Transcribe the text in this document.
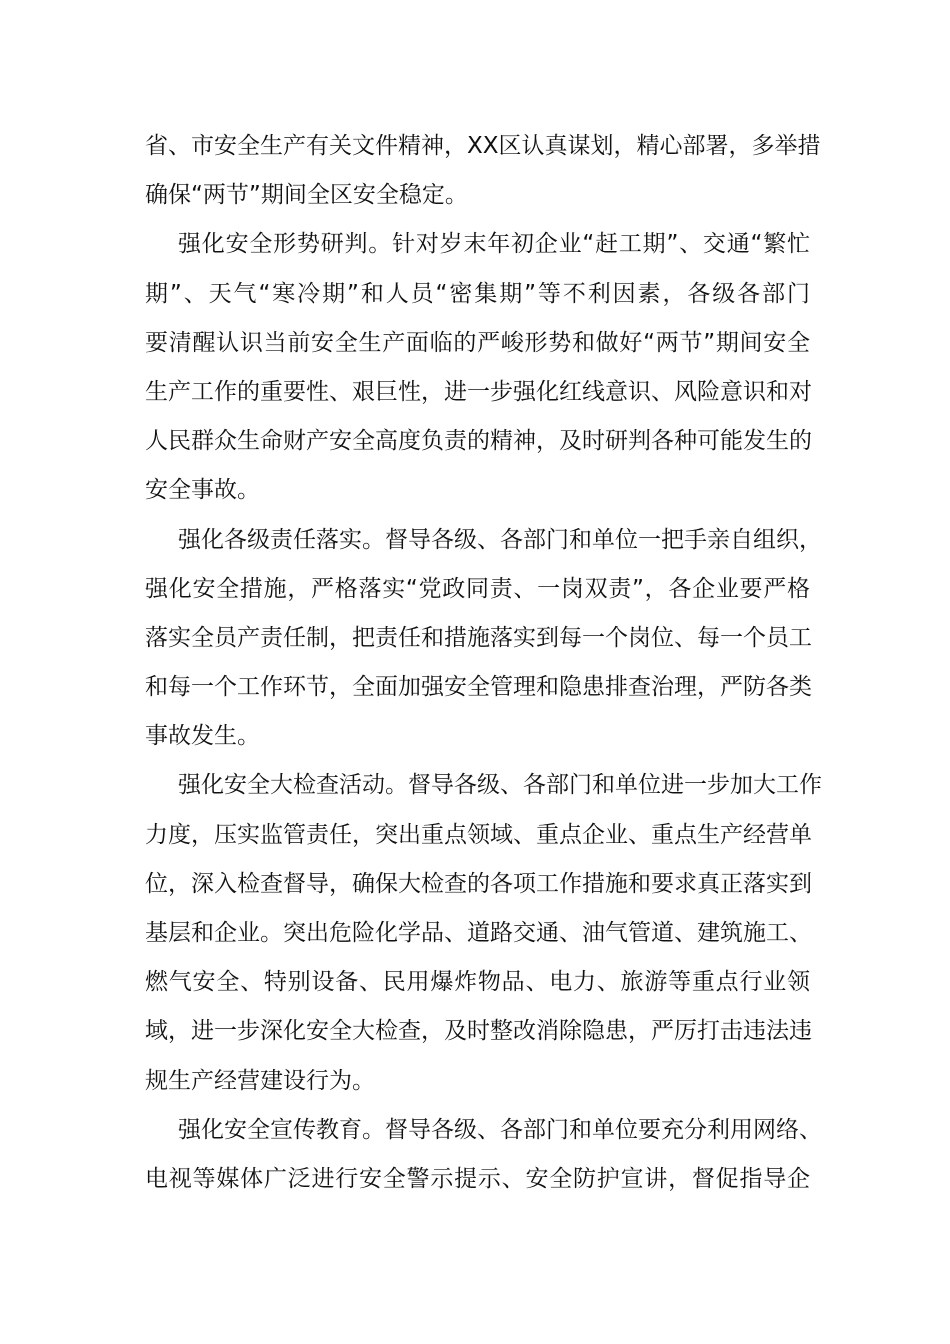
省、市安全生产有关文件精神，XX区认真谋划，精心部署，多举措
确保“两节”期间全区安全稳定。
强化安全形势研判。针对岁末年初企业“赶工期”、交通“繁忙
期”、天气“寒冷期”和人员“密集期”等不利因素，各级各部门
要清醒认识当前安全生产面临的严峻形势和做好“两节”期间安全
生产工作的重要性、艰巨性，进一步强化红线意识、风险意识和对
人民群众生命财产安全高度负责的精神，及时研判各种可能发生的
安全事故。
强化各级责任落实。督导各级、各部门和单位一把手亲自组织，
强化安全措施，严格落实“党政同责、一岗双责”，各企业要严格
落实全员产责任制，把责任和措施落实到每一个岗位、每一个员工
和每一个工作环节，全面加强安全管理和隐患排查治理，严防各类
事故发生。
强化安全大检查活动。督导各级、各部门和单位进一步加大工作
力度，压实监管责任，突出重点领域、重点企业、重点生产经营单
位，深入检查督导，确保大检查的各项工作措施和要求真正落实到
基层和企业。突出危险化学品、道路交通、油气管道、建筑施工、
燃气安全、特别设备、民用爆炸物品、电力、旅游等重点行业领
域，进一步深化安全大检查，及时整改消除隐患，严厉打击违法违
规生产经营建设行为。
强化安全宣传教育。督导各级、各部门和单位要充分利用网络、
电视等媒体广泛进行安全警示提示、安全防护宣讲，督促指导企
